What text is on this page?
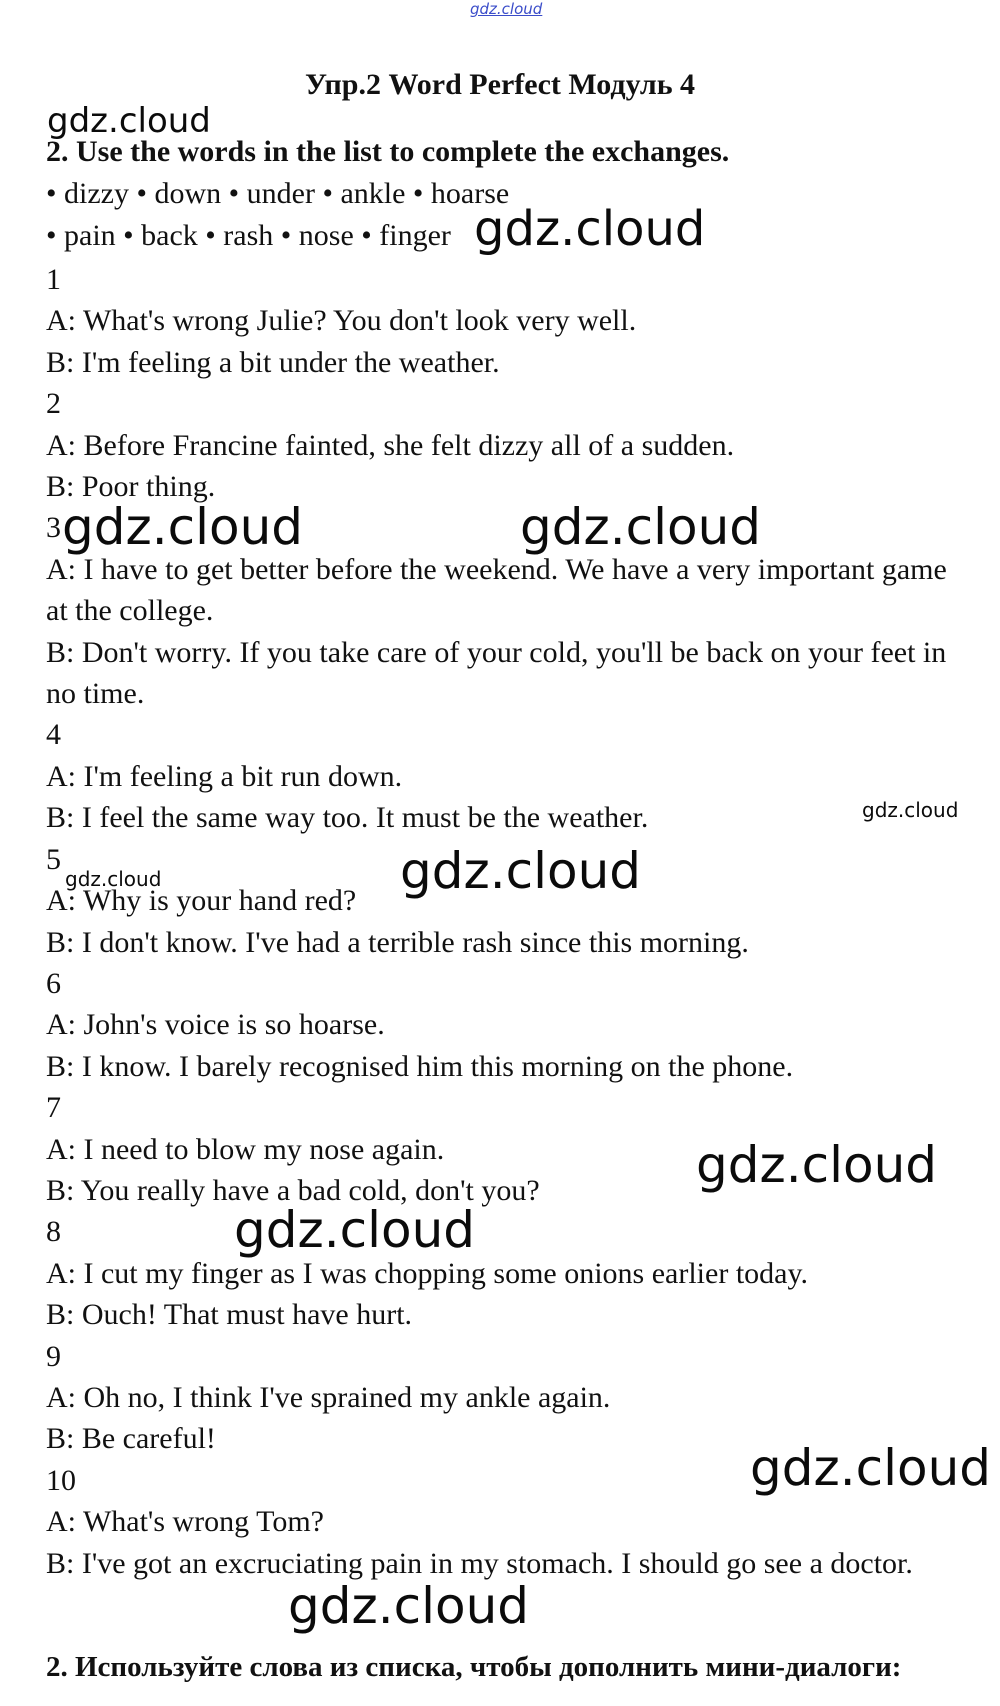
gdz.cloud
gdz.cloud
gdz.cloud
gdz.cloud	gdz.cloud
gdz.cloud
gdz.cloud	gdz.cloud
gdz.cloud
gdz.cloud
gdz.cloud
gdz.cloud
Упр.2 Word Perfect Модуль 4
2. Use the words in the list to complete the exchanges.

• dizzy • down • under • ankle • hoarse

• pain • back • rash • nose • finger

1

A: What's wrong Julie? You don't look very well.

B: I'm feeling a bit under the weather.

2

A: Before Francine fainted, she felt dizzy all of a sudden.

B: Poor thing.

3

A: I have to get better before the weekend. We have a very important game at the college.

B: Don't worry. If you take care of your cold, you'll be back on your feet in no time.

4

A: I'm feeling a bit run down.

B: I feel the same way too. It must be the weather.

5

A: Why is your hand red?

B: I don't know. I've had a terrible rash since this morning.

6

A: John's voice is so hoarse.

B: I know. I barely recognised him this morning on the phone.

7

A: I need to blow my nose again.

B: You really have a bad cold, don't you?

8

A: I cut my finger as I was chopping some onions earlier today.

B: Ouch! That must have hurt.

9

A: Oh no, I think I've sprained my ankle again.

B: Be careful!

10

A: What's wrong Tom?

B: I've got an excruciating pain in my stomach. I should go see a doctor.

2. Используйте слова из списка, чтобы дополнить мини-диалоги:
